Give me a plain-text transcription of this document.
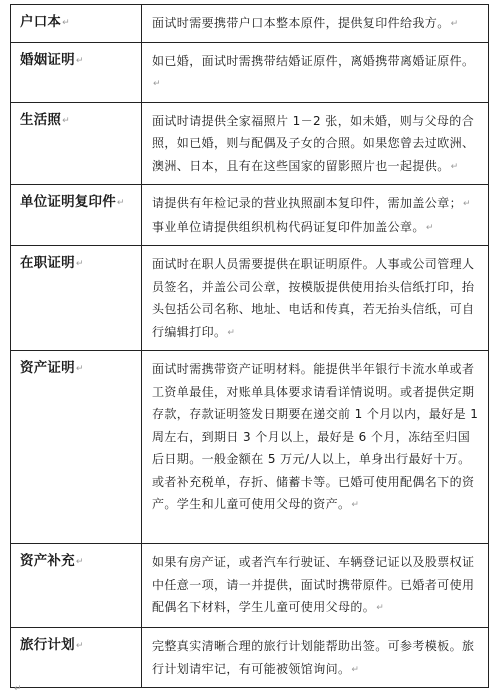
户口本↵	面试时需要携带户口本整本原件，提供复印件给我方。↵

婚姻证明↵	如已婚，面试时需携带结婚证原件，离婚携带离婚证原件。↵

生活照↵	面试时请提供全家福照片 1－2 张，如未婚，则与父母的合照，如已婚，则与配偶及子女的合照。如果您曾去过欧洲、澳洲、日本，且有在这些国家的留影照片也一起提供。↵

单位证明复印件↵	请提供有年检记录的营业执照副本复印件，需加盖公章；↵
事业单位请提供组织机构代码证复印件加盖公章。↵

在职证明↵	面试时在职人员需要提供在职证明原件。人事或公司管理人员签名，并盖公司公章，按模版提供使用抬头信纸打印，抬头包括公司名称、地址、电话和传真，若无抬头信纸，可自行编辑打印。↵

资产证明↵	面试时需携带资产证明材料。能提供半年银行卡流水单或者工资单最佳，对账单具体要求请看详情说明。或者提供定期存款，存款证明签发日期要在递交前 1 个月以内，最好是 1 周左右，到期日 3 个月以上，最好是 6 个月，冻结至归国后日期。一般金额在 5 万元/人以上，单身出行最好十万。或者补充税单，存折、储蓄卡等。已婚可使用配偶名下的资产。学生和儿童可使用父母的资产。↵

资产补充↵	如果有房产证，或者汽车行驶证、车辆登记证以及股票权证中任意一项，请一并提供，面试时携带原件。已婚者可使用配偶名下材料，学生儿童可使用父母的。↵

旅行计划↵	完整真实清晰合理的旅行计划能帮助出签。可参考模板。旅行计划请牢记，有可能被领馆询问。↵
↵
